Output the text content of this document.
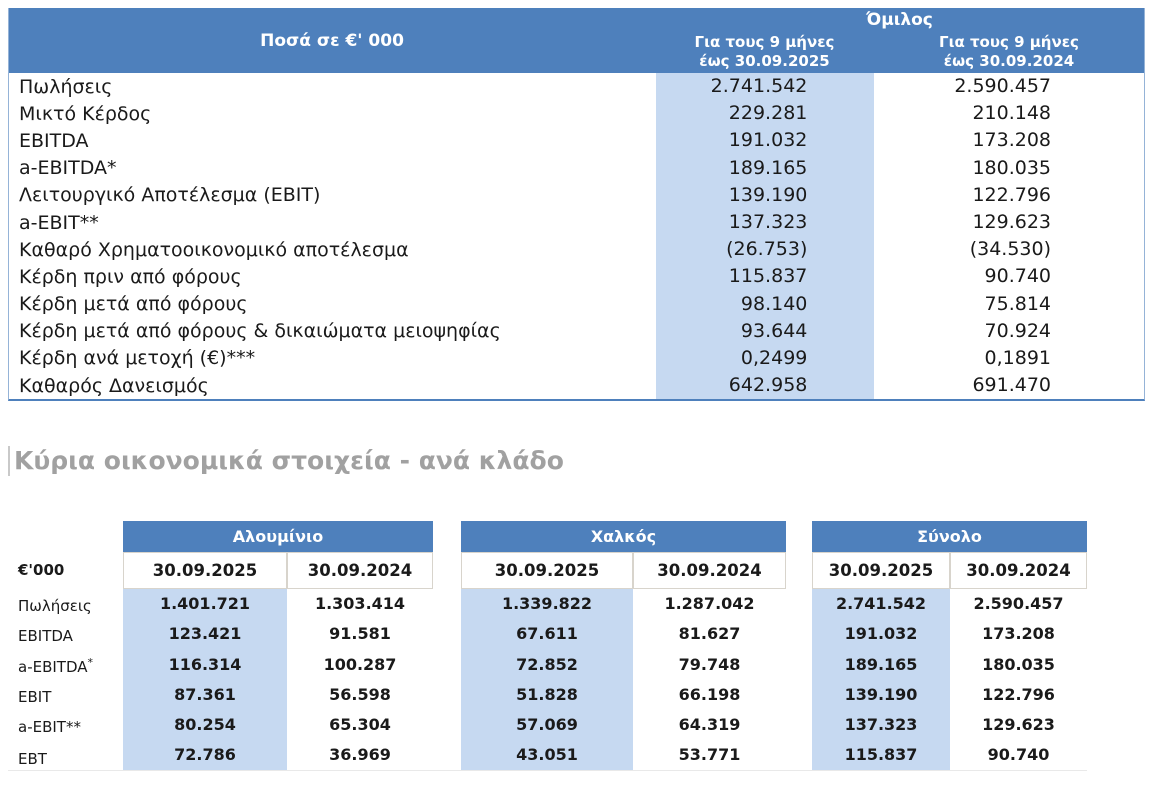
Ποσά σε €' 000
Όμιλος
Για τους 9 μήνες
έως 30.09.2025
Για τους 9 μήνες
έως 30.09.2024
Πωλήσεις	2.741.542	2.590.457
Μικτό Κέρδος	229.281	210.148
EBITDA	191.032	173.208
a-EBITDA*	189.165	180.035
Λειτουργικό Αποτέλεσμα (EBIT)	139.190	122.796
a-EBIT**	137.323	129.623
Καθαρό Χρηματοοικονομικό αποτέλεσμα	(26.753)	(34.530)
Κέρδη πριν από φόρους	115.837	90.740
Κέρδη μετά από φόρους	98.140	75.814
Κέρδη μετά από φόρους & δικαιώματα μειοψηφίας	93.644	70.924
Κέρδη ανά μετοχή (€)***	0,2499	0,1891
Καθαρός Δανεισμός	642.958	691.470
Κύρια οικονομικά στοιχεία - ανά κλάδο
Αλουμίνιο	Χαλκός	Σύνολο
€'000	30.09.2025	30.09.2024	30.09.2025	30.09.2024	30.09.2025	30.09.2024
Πωλήσεις	1.401.721	1.303.414	1.339.822	1.287.042	2.741.542	2.590.457
EBITDA	123.421	91.581	67.611	81.627	191.032	173.208
a-EBITDA*	116.314	100.287	72.852	79.748	189.165	180.035
EBIT	87.361	56.598	51.828	66.198	139.190	122.796
a-EBIT**	80.254	65.304	57.069	64.319	137.323	129.623
EBT	72.786	36.969	43.051	53.771	115.837	90.740
